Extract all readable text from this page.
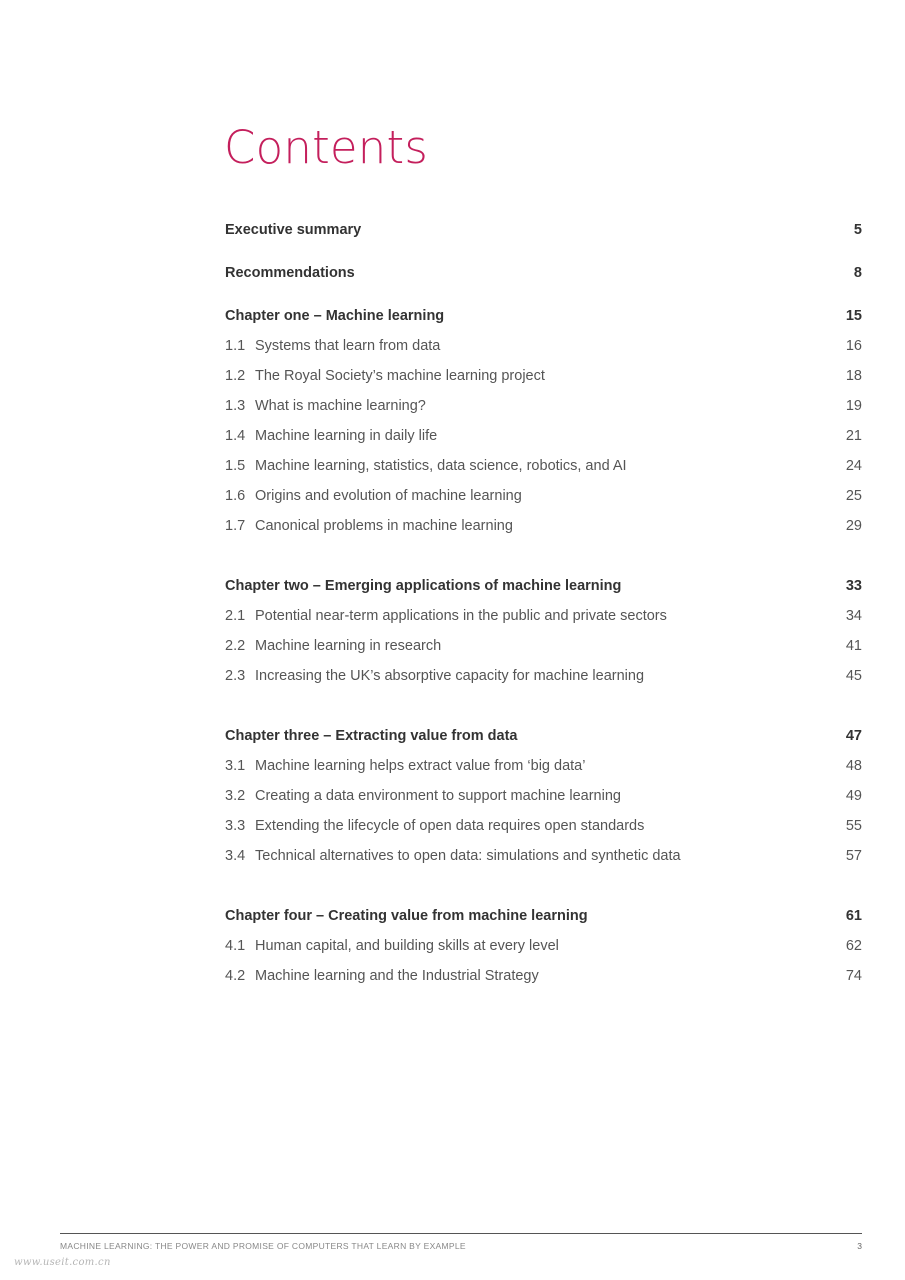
Contents
Executive summary	5
Recommendations	8
Chapter one – Machine learning	15
1.1 Systems that learn from data	16
1.2 The Royal Society’s machine learning project	18
1.3 What is machine learning?	19
1.4 Machine learning in daily life	21
1.5 Machine learning, statistics, data science, robotics, and AI	24
1.6 Origins and evolution of machine learning	25
1.7 Canonical problems in machine learning	29
Chapter two – Emerging applications of machine learning	33
2.1 Potential near-term applications in the public and private sectors	34
2.2 Machine learning in research	41
2.3 Increasing the UK’s absorptive capacity for machine learning	45
Chapter three – Extracting value from data	47
3.1 Machine learning helps extract value from ‘big data’	48
3.2 Creating a data environment to support machine learning	49
3.3 Extending the lifecycle of open data requires open standards	55
3.4 Technical alternatives to open data: simulations and synthetic data	57
Chapter four – Creating value from machine learning	61
4.1 Human capital, and building skills at every level	62
4.2 Machine learning and the Industrial Strategy	74
MACHINE LEARNING: THE POWER AND PROMISE OF COMPUTERS THAT LEARN BY EXAMPLE	3
www.useit.com.cn
